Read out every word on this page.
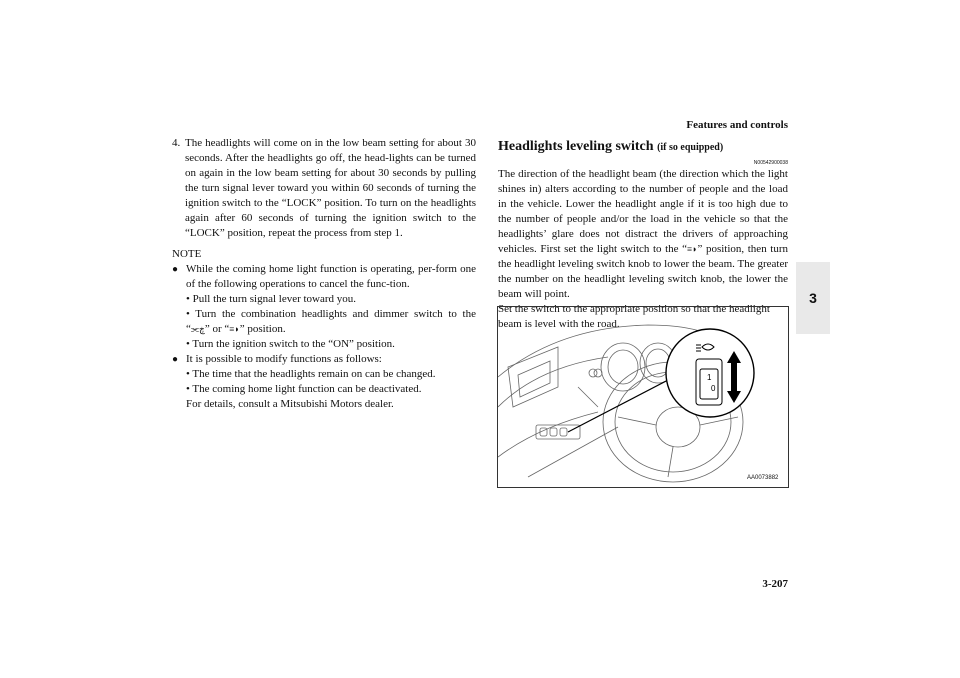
Features and controls
3
3-207
4. The headlights will come on in the low beam setting for about 30 seconds. After the headlights go off, the head-lights can be turned on again in the low beam setting for about 30 seconds by pulling the turn signal lever toward you within 60 seconds of turning the ignition switch to the “LOCK” position. To turn on the headlights again after 60 seconds of turning the ignition switch to the “LOCK” position, repeat the process from step 1.
NOTE
● While the coming home light function is operating, per-form one of the following operations to cancel the func-tion.
• Pull the turn signal lever toward you.
• Turn the combination headlights and dimmer switch to the “⫘ڿ” or “≡◗” position.
• Turn the ignition switch to the “ON” position.
● It is possible to modify functions as follows:
• The time that the headlights remain on can be changed.
• The coming home light function can be deactivated.
For details, consult a Mitsubishi Motors dealer.
Headlights leveling switch (if so equipped)
N00542900038
The direction of the headlight beam (the direction which the light shines in) alters according to the number of people and the load in the vehicle. Lower the headlight angle if it is too high due to the number of people and/or the load in the vehicle so that the headlights’ glare does not distract the drivers of approaching vehicles. First set the light switch to the “≡◗” position, then turn the headlight leveling switch knob to lower the beam. The greater the number on the headlight leveling switch knob, the lower the beam will point.
Set the switch to the appropriate position so that the headlight beam is level with the road.
1
0
AA0073882
